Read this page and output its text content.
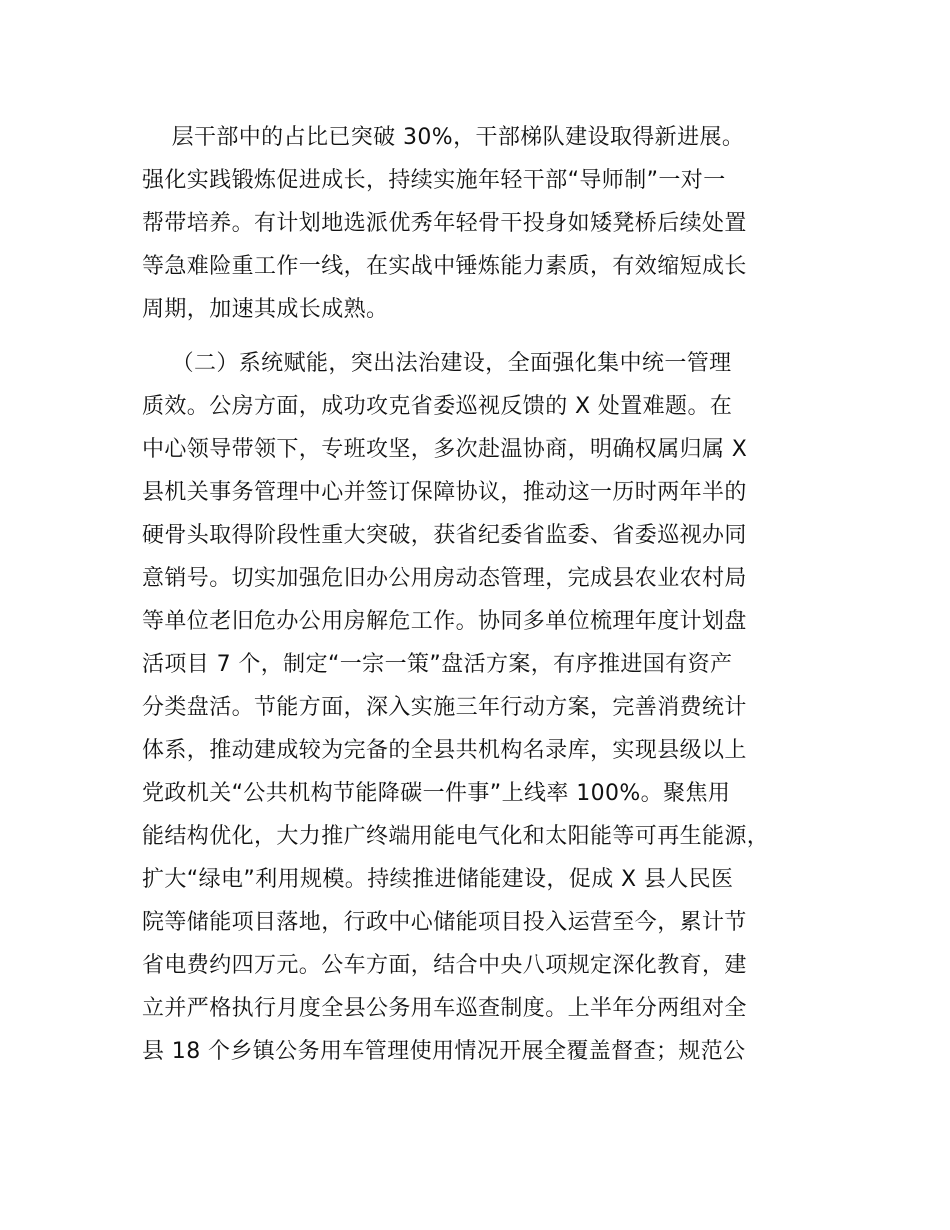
层干部中的占比已突破 30%，干部梯队建设取得新进展。
强化实践锻炼促进成长，持续实施年轻干部“导师制”一对一
帮带培养。有计划地选派优秀年轻骨干投身如矮凳桥后续处置
等急难险重工作一线，在实战中锤炼能力素质，有效缩短成长
周期，加速其成长成熟。
（二）系统赋能，突出法治建设，全面强化集中统一管理
质效。公房方面，成功攻克省委巡视反馈的 X 处置难题。在
中心领导带领下，专班攻坚，多次赴温协商，明确权属归属 X
县机关事务管理中心并签订保障协议，推动这一历时两年半的
硬骨头取得阶段性重大突破，获省纪委省监委、省委巡视办同
意销号。切实加强危旧办公用房动态管理，完成县农业农村局
等单位老旧危办公用房解危工作。协同多单位梳理年度计划盘
活项目 7 个，制定“一宗一策”盘活方案，有序推进国有资产
分类盘活。节能方面，深入实施三年行动方案，完善消费统计
体系，推动建成较为完备的全县共机构名录库，实现县级以上
党政机关“公共机构节能降碳一件事”上线率 100%。聚焦用
能结构优化，大力推广终端用能电气化和太阳能等可再生能源，
扩大“绿电”利用规模。持续推进储能建设，促成 X 县人民医
院等储能项目落地，行政中心储能项目投入运营至今，累计节
省电费约四万元。公车方面，结合中央八项规定深化教育，建
立并严格执行月度全县公务用车巡查制度。上半年分两组对全
县 18 个乡镇公务用车管理使用情况开展全覆盖督查；规范公
